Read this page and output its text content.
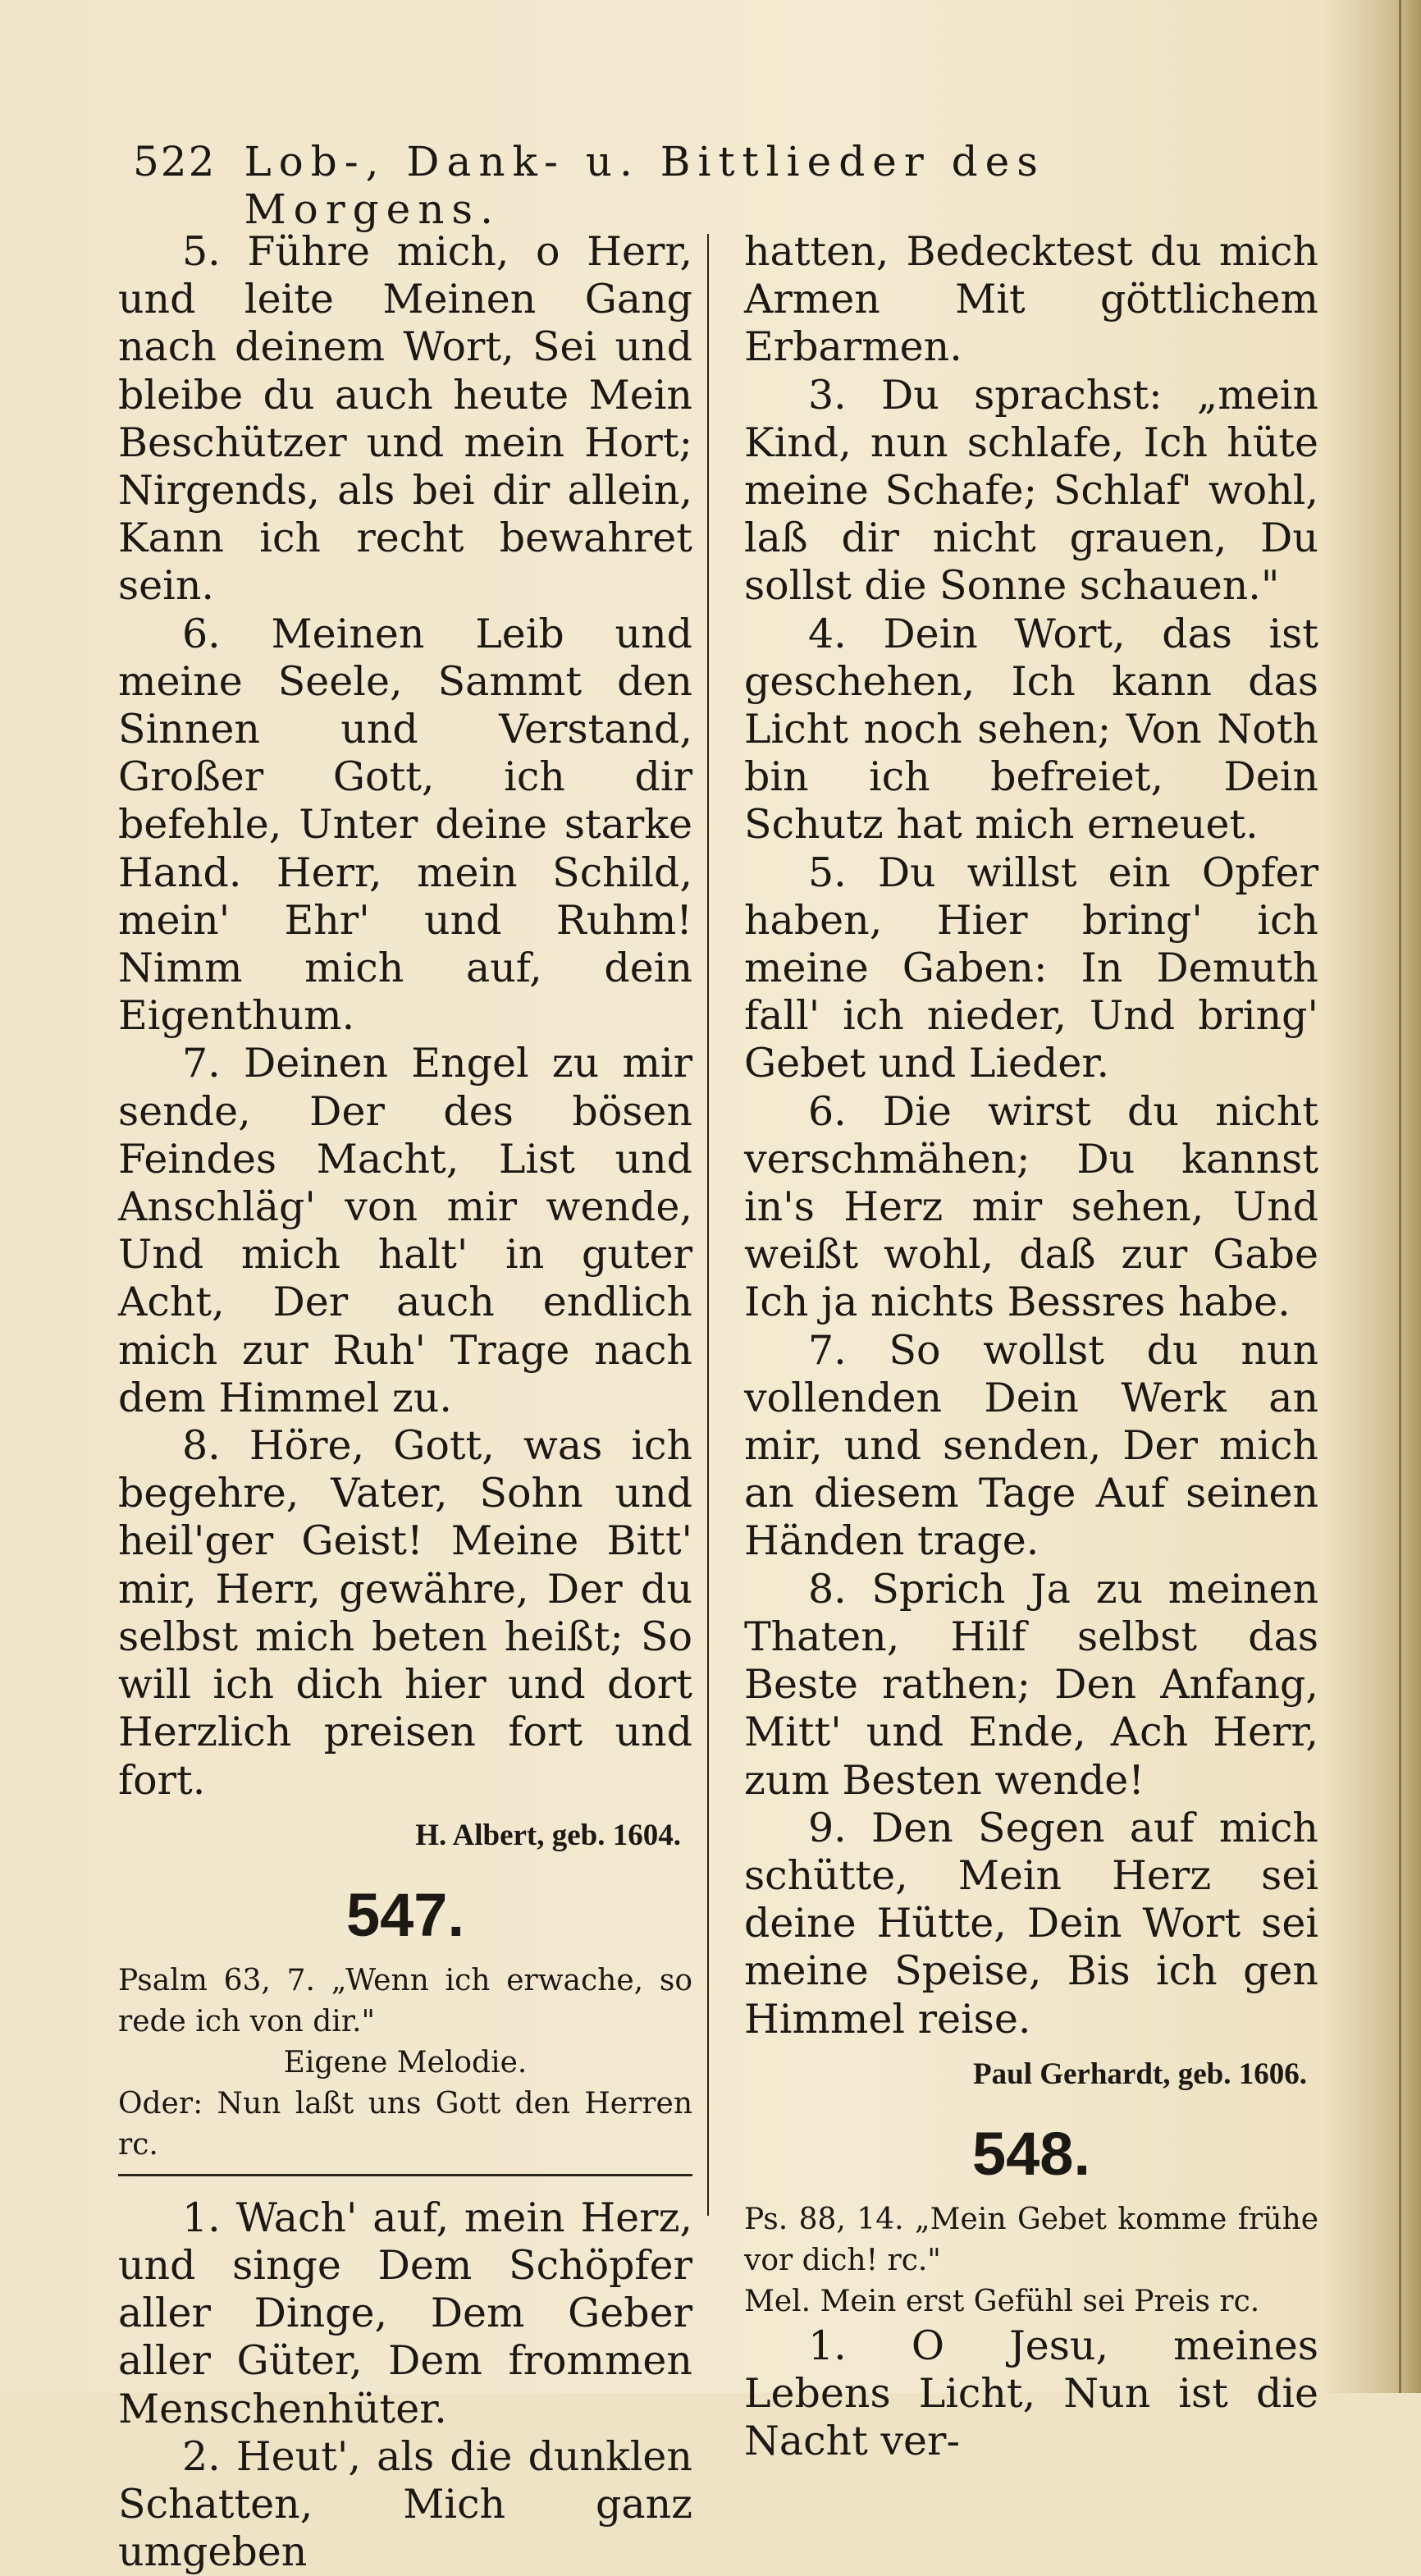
522 Lob-, Dank- u. Bittlieder des Morgens.

5. Führe mich, o Herr, und leite Meinen Gang nach deinem Wort, Sei und bleibe du auch heute Mein Beschützer und mein Hort; Nirgends, als bei dir allein, Kann ich recht bewahret sein.

6. Meinen Leib und meine Seele, Sammt den Sinnen und Verstand, Großer Gott, ich dir befehle, Unter deine starke Hand. Herr, mein Schild, mein' Ehr' und Ruhm! Nimm mich auf, dein Eigenthum.

7. Deinen Engel zu mir sende, Der des bösen Feindes Macht, List und Anschläg' von mir wende, Und mich halt' in guter Acht, Der auch endlich mich zur Ruh' Trage nach dem Himmel zu.

8. Höre, Gott, was ich begehre, Vater, Sohn und heil'ger Geist! Meine Bitt' mir, Herr, gewähre, Der du selbst mich beten heißt; So will ich dich hier und dort Herzlich preisen fort und fort.

H. Albert, geb. 1604.
547.

Psalm 63, 7. „Wenn ich erwache, so rede ich von dir."

Eigene Melodie.

Oder: Nun laßt uns Gott den Herren rc.

1. Wach' auf, mein Herz, und singe Dem Schöpfer aller Dinge, Dem Geber aller Güter, Dem frommen Menschenhüter.

2. Heut', als die dunklen Schatten, Mich ganz umgeben

hatten, Bedecktest du mich Armen Mit göttlichem Erbarmen.

3. Du sprachst: „mein Kind, nun schlafe, Ich hüte meine Schafe; Schlaf' wohl, laß dir nicht grauen, Du sollst die Sonne schauen."

4. Dein Wort, das ist geschehen, Ich kann das Licht noch sehen; Von Noth bin ich befreiet, Dein Schutz hat mich erneuet.

5. Du willst ein Opfer haben, Hier bring' ich meine Gaben: In Demuth fall' ich nieder, Und bring' Gebet und Lieder.

6. Die wirst du nicht verschmähen; Du kannst in's Herz mir sehen, Und weißt wohl, daß zur Gabe Ich ja nichts Bessres habe.

7. So wollst du nun vollenden Dein Werk an mir, und senden, Der mich an diesem Tage Auf seinen Händen trage.

8. Sprich Ja zu meinen Thaten, Hilf selbst das Beste rathen; Den Anfang, Mitt' und Ende, Ach Herr, zum Besten wende!

9. Den Segen auf mich schütte, Mein Herz sei deine Hütte, Dein Wort sei meine Speise, Bis ich gen Himmel reise.

Paul Gerhardt, geb. 1606.
548.

Ps. 88, 14. „Mein Gebet komme frühe vor dich! rc."

Mel. Mein erst Gefühl sei Preis rc.

1. O Jesu, meines Lebens Licht, Nun ist die Nacht ver-
